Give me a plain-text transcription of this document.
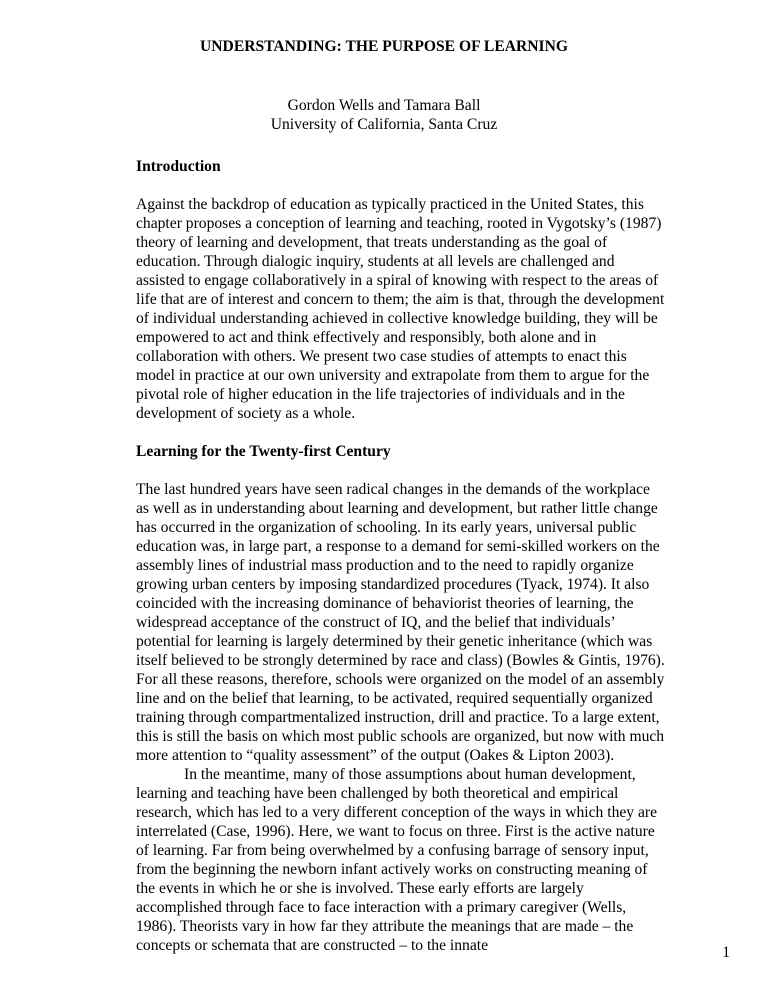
UNDERSTANDING: THE PURPOSE OF LEARNING
Gordon Wells and Tamara Ball
University of California, Santa Cruz
Introduction

Against the backdrop of education as typically practiced in the United States, this chapter proposes a conception of learning and teaching, rooted in Vygotsky’s (1987) theory of learning and development, that treats understanding as the goal of education. Through dialogic inquiry, students at all levels are challenged and assisted to engage collaboratively in a spiral of knowing with respect to the areas of life that are of interest and concern to them; the aim is that, through the development of individual understanding achieved in collective knowledge building, they will be empowered to act and think effectively and responsibly, both alone and in collaboration with others. We present two case studies of attempts to enact this model in practice at our own university and extrapolate from them to argue for the pivotal role of higher education in the life trajectories of individuals and in the development of society as a whole.

Learning for the Twenty-first Century

The last hundred years have seen radical changes in the demands of the workplace as well as in understanding about learning and development, but rather little change has occurred in the organization of schooling. In its early years, universal public education was, in large part, a response to a demand for semi-skilled workers on the assembly lines of industrial mass production and to the need to rapidly organize growing urban centers by imposing standardized procedures (Tyack, 1974). It also coincided with the increasing dominance of behaviorist theories of learning, the widespread acceptance of the construct of IQ, and the belief that individuals’ potential for learning is largely determined by their genetic inheritance (which was itself believed to be strongly determined by race and class) (Bowles & Gintis, 1976). For all these reasons, therefore, schools were organized on the model of an assembly line and on the belief that learning, to be activated, required sequentially organized training through compartmentalized instruction, drill and practice. To a large extent, this is still the basis on which most public schools are organized, but now with much more attention to “quality assessment” of the output (Oakes & Lipton 2003).

In the meantime, many of those assumptions about human development, learning and teaching have been challenged by both theoretical and empirical research, which has led to a very different conception of the ways in which they are interrelated (Case, 1996). Here, we want to focus on three. First is the active nature of learning. Far from being overwhelmed by a confusing barrage of sensory input, from the beginning the newborn infant actively works on constructing meaning of the events in which he or she is involved. These early efforts are largely accomplished through face to face interaction with a primary caregiver (Wells, 1986). Theorists vary in how far they attribute the meanings that are made – the concepts or schemata that are constructed – to the innate	1
